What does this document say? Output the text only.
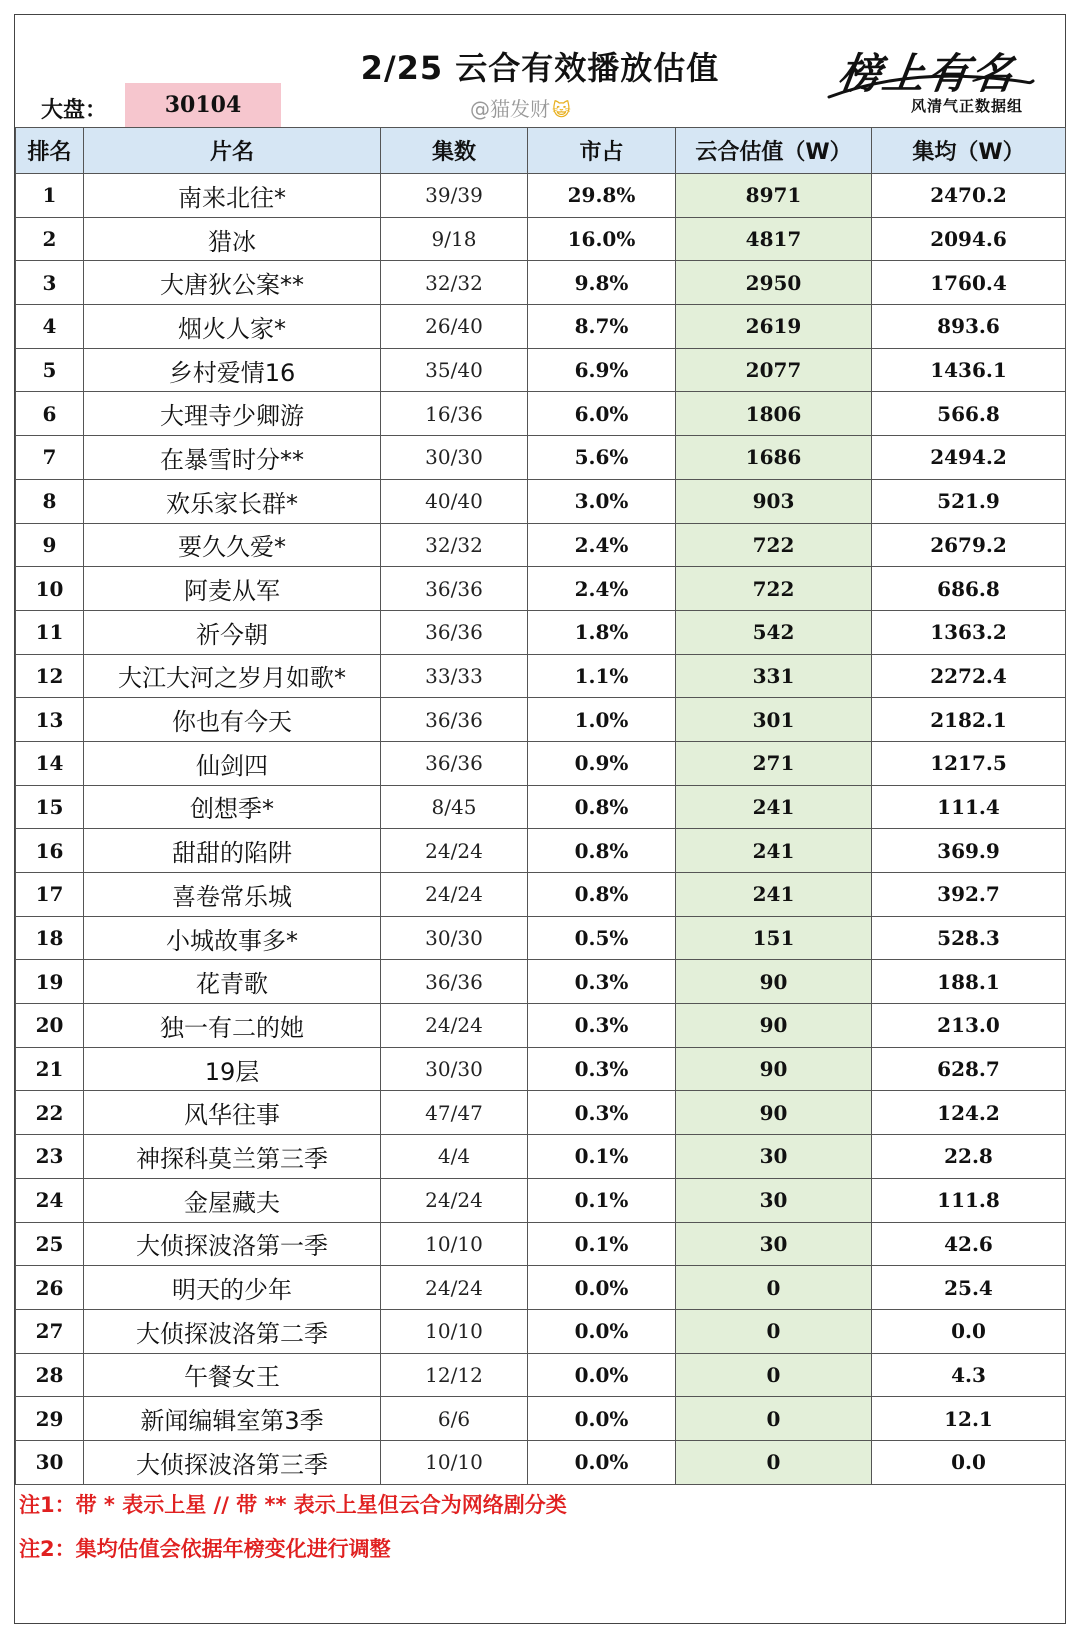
2/25 云合有效播放估值
大盘：	30104	@猫发财 😺
榜上有名
风清气正数据组
排名	片名	集数	市占	云合估值（W）	集均（W）
1	南来北往*	39/39	29.8%	8971	2470.2
2	猎冰	9/18	16.0%	4817	2094.6
3	大唐狄公案**	32/32	9.8%	2950	1760.4
4	烟火人家*	26/40	8.7%	2619	893.6
5	乡村爱情16	35/40	6.9%	2077	1436.1
6	大理寺少卿游	16/36	6.0%	1806	566.8
7	在暴雪时分**	30/30	5.6%	1686	2494.2
8	欢乐家长群*	40/40	3.0%	903	521.9
9	要久久爱*	32/32	2.4%	722	2679.2
10	阿麦从军	36/36	2.4%	722	686.8
11	祈今朝	36/36	1.8%	542	1363.2
12	大江大河之岁月如歌*	33/33	1.1%	331	2272.4
13	你也有今天	36/36	1.0%	301	2182.1
14	仙剑四	36/36	0.9%	271	1217.5
15	创想季*	8/45	0.8%	241	111.4
16	甜甜的陷阱	24/24	0.8%	241	369.9
17	喜卷常乐城	24/24	0.8%	241	392.7
18	小城故事多*	30/30	0.5%	151	528.3
19	花青歌	36/36	0.3%	90	188.1
20	独一有二的她	24/24	0.3%	90	213.0
21	19层	30/30	0.3%	90	628.7
22	风华往事	47/47	0.3%	90	124.2
23	神探科莫兰第三季	4/4	0.1%	30	22.8
24	金屋藏夫	24/24	0.1%	30	111.8
25	大侦探波洛第一季	10/10	0.1%	30	42.6
26	明天的少年	24/24	0.0%	0	25.4
27	大侦探波洛第二季	10/10	0.0%	0	0.0
28	午餐女王	12/12	0.0%	0	4.3
29	新闻编辑室第3季	6/6	0.0%	0	12.1
30	大侦探波洛第三季	10/10	0.0%	0	0.0
注1：带 * 表示上星 // 带 ** 表示上星但云合为网络剧分类
注2：集均估值会依据年榜变化进行调整
